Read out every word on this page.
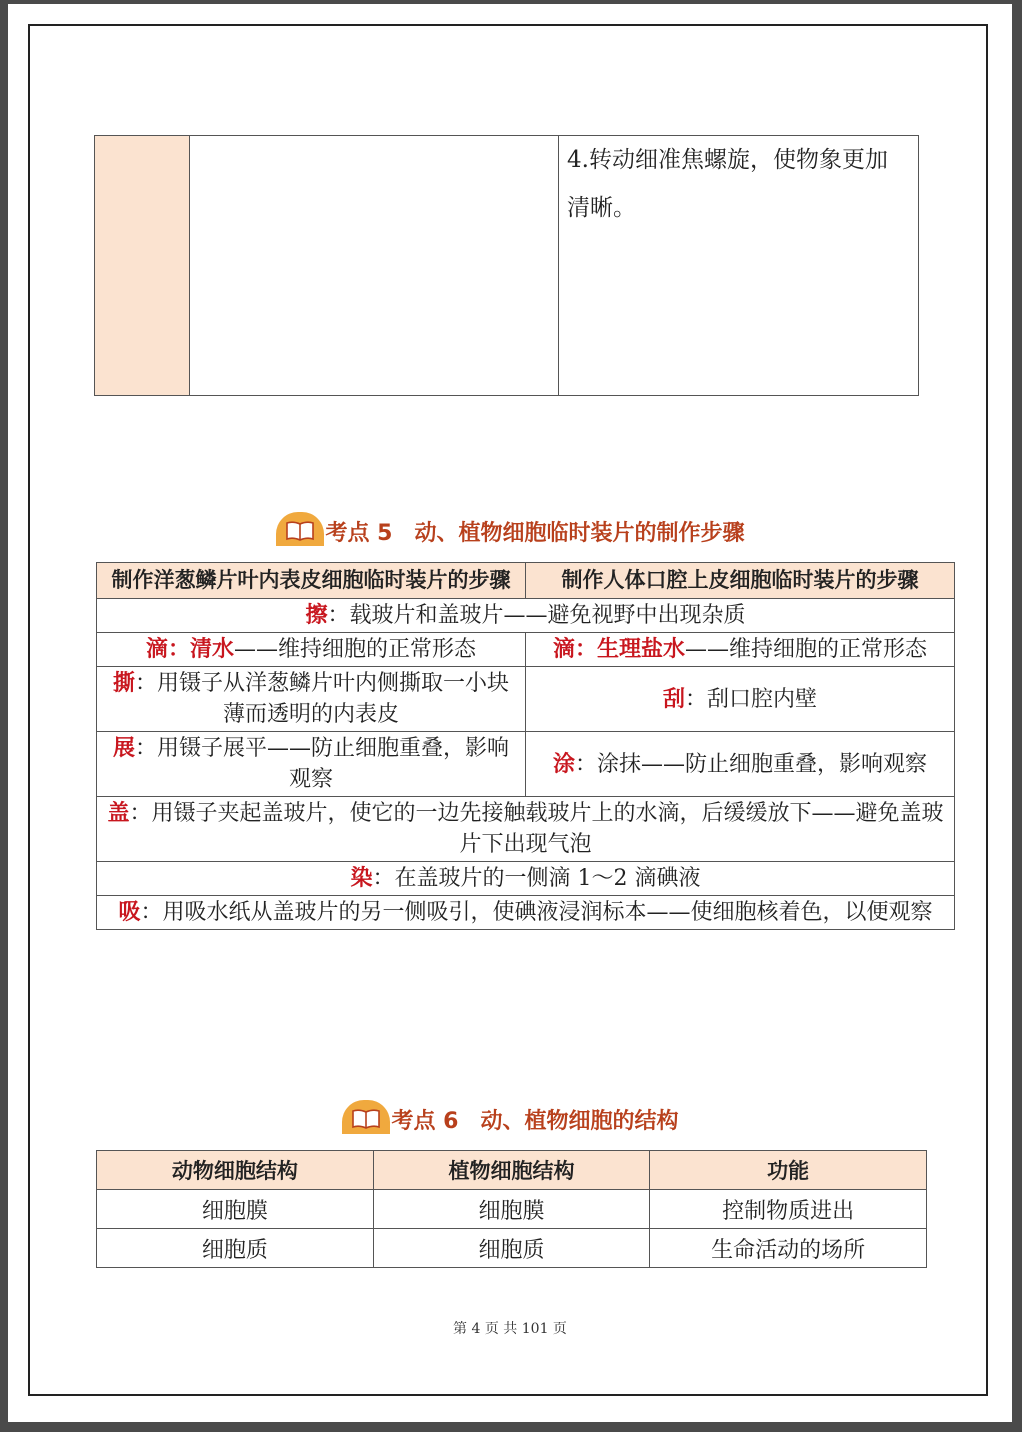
		4.转动细准焦螺旋，使物象更加清晰。
考点 5 动、植物细胞临时装片的制作步骤
制作洋葱鳞片叶内表皮细胞临时装片的步骤	制作人体口腔上皮细胞临时装片的步骤
擦：载玻片和盖玻片——避免视野中出现杂质	
滴：清水——维持细胞的正常形态	滴：生理盐水——维持细胞的正常形态
撕：用镊子从洋葱鳞片叶内侧撕取一小块薄而透明的内表皮	刮：刮口腔内壁
展：用镊子展平——防止细胞重叠，影响观察	涂：涂抹——防止细胞重叠，影响观察
盖：用镊子夹起盖玻片，使它的一边先接触载玻片上的水滴，后缓缓放下——避免盖玻片下出现气泡	
染：在盖玻片的一侧滴 1～2 滴碘液	
吸：用吸水纸从盖玻片的另一侧吸引，使碘液浸润标本——使细胞核着色，以便观察	
考点 6 动、植物细胞的结构
动物细胞结构	植物细胞结构	功能
细胞膜	细胞膜	控制物质进出
细胞质	细胞质	生命活动的场所
第 4 页 共 101 页
